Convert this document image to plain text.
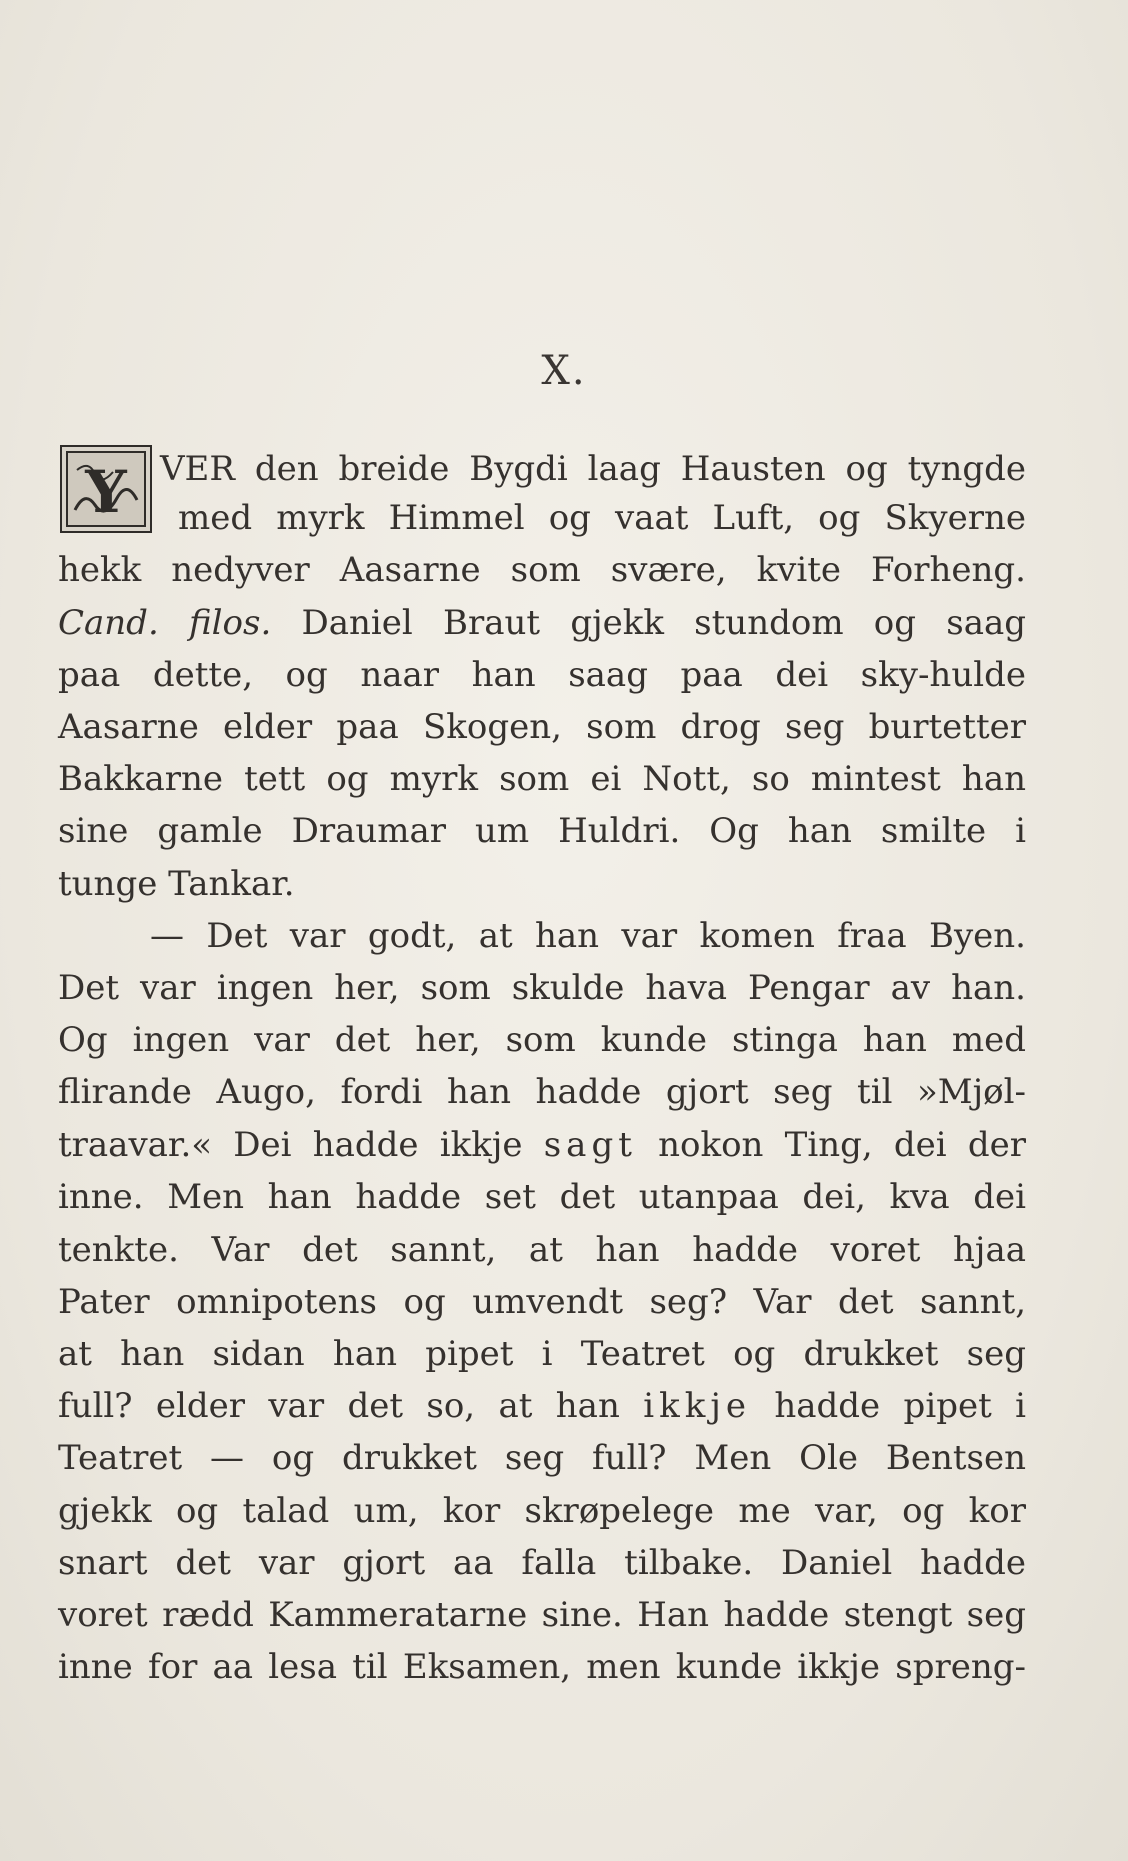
X.
Y VER den breide Bygdi laag Hausten og tyngde
med myrk Himmel og vaat Luft, og Skyerne
hekk nedyver Aasarne som svære, kvite Forheng.
Cand. filos. Daniel Braut gjekk stundom og saag
paa dette, og naar han saag paa dei sky-hulde
Aasarne elder paa Skogen, som drog seg burtetter
Bakkarne tett og myrk som ei Nott, so mintest han
sine gamle Draumar um Huldri. Og han smilte i
tunge Tankar.
— Det var godt, at han var komen fraa Byen.
Det var ingen her, som skulde hava Pengar av han.
Og ingen var det her, som kunde stinga han med
flirande Augo, fordi han hadde gjort seg til »Mjøl-
traavar.« Dei hadde ikkje sagt nokon Ting, dei der
inne. Men han hadde set det utanpaa dei, kva dei
tenkte. Var det sannt, at han hadde voret hjaa
Pater omnipotens og umvendt seg? Var det sannt,
at han sidan han pipet i Teatret og drukket seg
full? elder var det so, at han ikkje hadde pipet i
Teatret — og drukket seg full? Men Ole Bentsen
gjekk og talad um, kor skrøpelege me var, og kor
snart det var gjort aa falla tilbake. Daniel hadde
voret rædd Kammeratarne sine. Han hadde stengt seg
inne for aa lesa til Eksamen, men kunde ikkje spreng-
